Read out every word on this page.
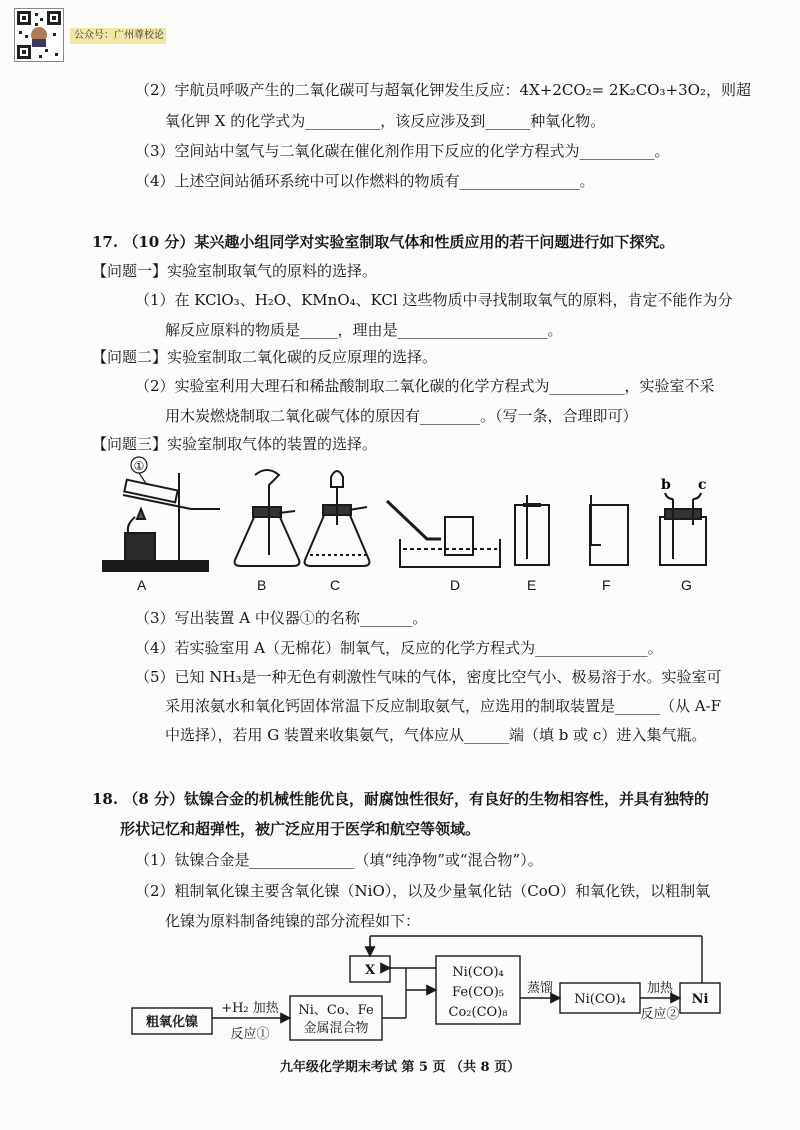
公众号：广州尊校论
（2）宇航员呼吸产生的二氧化碳可与超氧化钾发生反应：4X+2CO₂= 2K₂CO₃+3O₂，则超
氧化钾 X 的化学式为__________，该反应涉及到______种氧化物。
（3）空间站中氢气与二氧化碳在催化剂作用下反应的化学方程式为__________。
（4）上述空间站循环系统中可以作燃料的物质有________________。
17. （10 分）某兴趣小组同学对实验室制取气体和性质应用的若干问题进行如下探究。
【问题一】实验室制取氧气的原料的选择。
（1）在 KClO₃、H₂O、KMnO₄、KCl 这些物质中寻找制取氧气的原料，肯定不能作为分
解反应原料的物质是_____，理由是____________________。
【问题二】实验室制取二氧化碳的反应原理的选择。
（2）实验室利用大理石和稀盐酸制取二氧化碳的化学方程式为__________，实验室不采
用木炭燃烧制取二氧化碳气体的原因有________。（写一条，合理即可）
【问题三】实验室制取气体的装置的选择。
①
b c
A	B	C	D	E	F	G
（3）写出装置 A 中仪器①的名称_______。
（4）若实验室用 A（无棉花）制氧气，反应的化学方程式为_______________。
（5）已知 NH₃是一种无色有刺激性气味的气体，密度比空气小、极易溶于水。实验室可
采用浓氨水和氧化钙固体常温下反应制取氨气，应选用的制取装置是______（从 A-F
中选择），若用 G 装置来收集氨气，气体应从______端（填 b 或 c）进入集气瓶。
18. （8 分）钛镍合金的机械性能优良，耐腐蚀性很好，有良好的生物相容性，并具有独特的
形状记忆和超弹性，被广泛应用于医学和航空等领域。
（1）钛镍合金是______________（填“纯净物”或“混合物”）。
（2）粗制氧化镍主要含氧化镍（NiO），以及少量氧化钴（CoO）和氧化铁，以粗制氧
化镍为原料制备纯镍的部分流程如下：
粗氧化镍
+H₂ 加热
反应①
Ni、Co、Fe
金属混合物
X	Ni(CO)₄
Fe(CO)₅
Co₂(CO)₈
蒸馏
Ni(CO)₄
加热
反应②
Ni
九年级化学期末考试 第 5 页 （共 8 页）
